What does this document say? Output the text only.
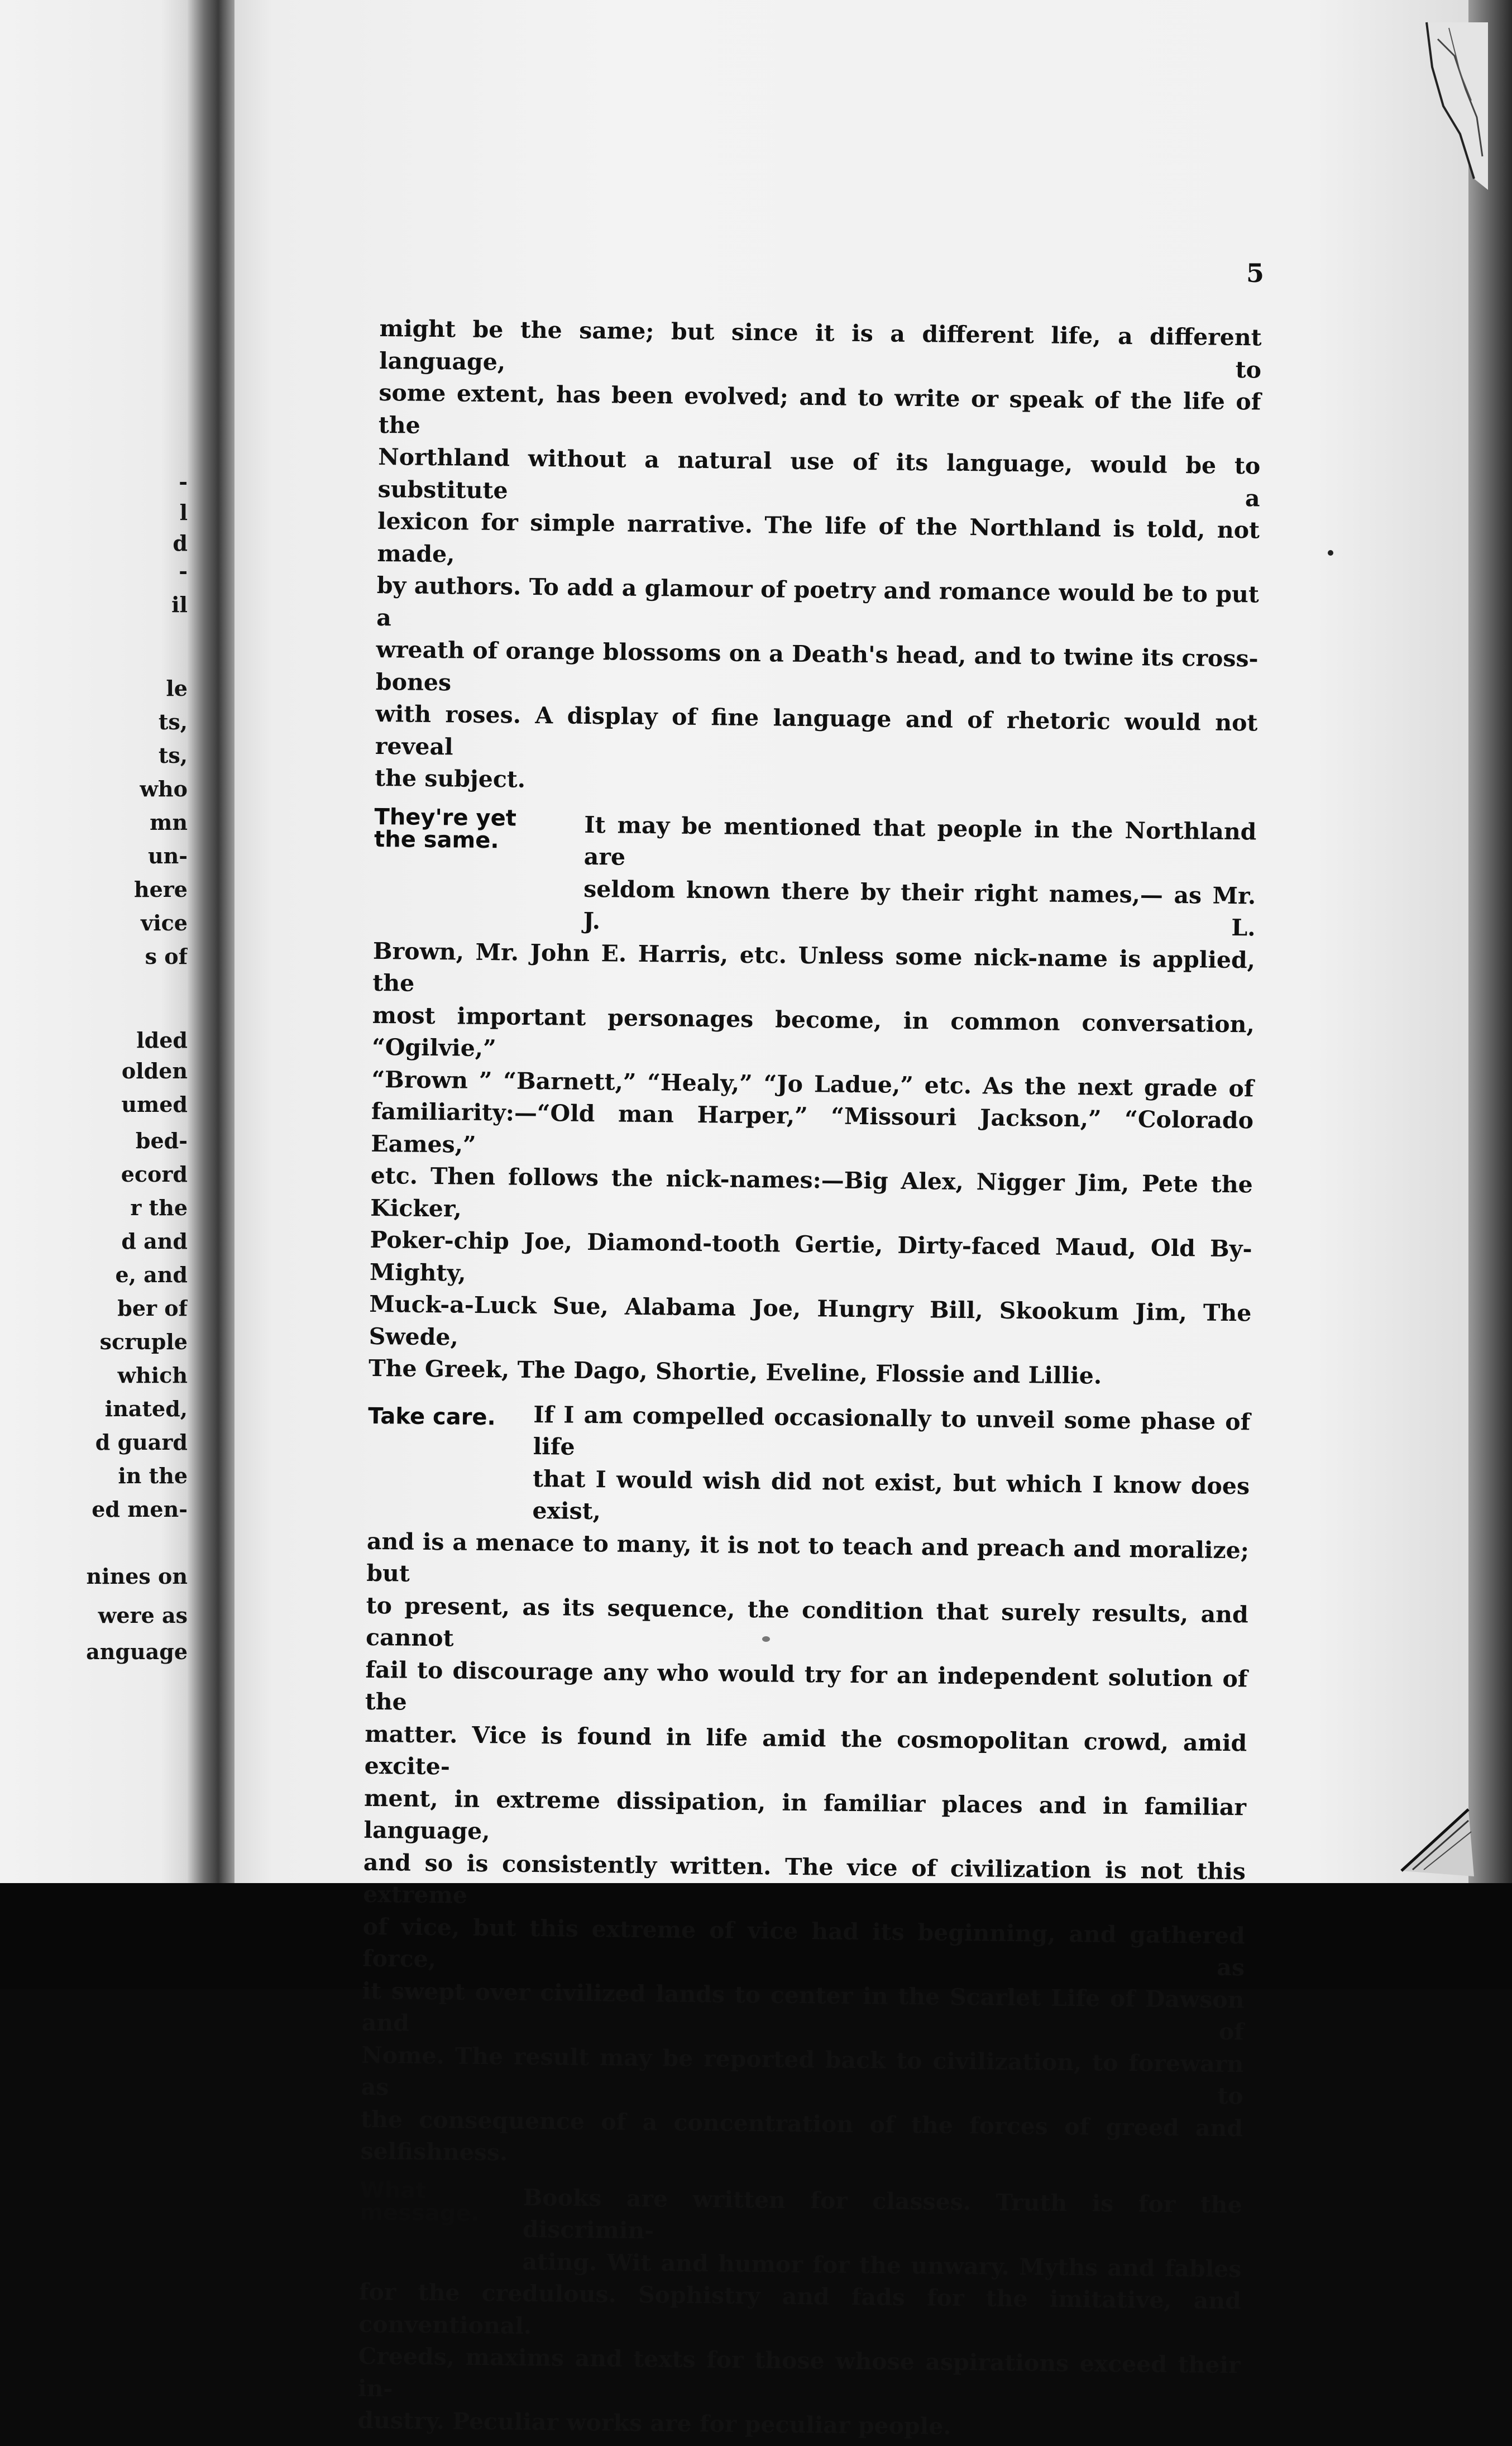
-
l
d
-
il
le
ts,
ts,
who
mn
un-
here
vice
s of
lded
olden
umed
bed-
ecord
r the
d and
e, and
ber of
scruple
which
inated,
d guard
in the
ed men-
nines on
were as
anguage
5
might be the same; but since it is a different life, a different language, to
some extent, has been evolved; and to write or speak of the life of the
Northland without a natural use of its language, would be to substitute a
lexicon for simple narrative. The life of the Northland is told, not made,
by authors. To add a glamour of poetry and romance would be to put a
wreath of orange blossoms on a Death's head, and to twine its cross-bones
with roses. A display of fine language and of rhetoric would not reveal
the subject.
They're yet
the same.	It may be mentioned that people in the Northland are
seldom known there by their right names,— as Mr. J. L.
Brown, Mr. John E. Harris, etc. Unless some nick-name is applied, the
most important personages become, in common conversation, “Ogilvie,”
“Brown ” “Barnett,” “Healy,” “Jo Ladue,” etc. As the next grade of
familiarity:—“Old man Harper,” “Missouri Jackson,” “Colorado Eames,”
etc. Then follows the nick-names:—Big Alex, Nigger Jim, Pete the Kicker,
Poker-chip Joe, Diamond-tooth Gertie, Dirty-faced Maud, Old By-Mighty,
Muck-a-Luck Sue, Alabama Joe, Hungry Bill, Skookum Jim, The Swede,
The Greek, The Dago, Shortie, Eveline, Flossie and Lillie.
Take care. If I am compelled occasionally to unveil some phase of life
that I would wish did not exist, but which I know does exist,
and is a menace to many, it is not to teach and preach and moralize; but
to present, as its sequence, the condition that surely results, and cannot
fail to discourage any who would try for an independent solution of the
matter. Vice is found in life amid the cosmopolitan crowd, amid excite-
ment, in extreme dissipation, in familiar places and in familiar language,
and so is consistently written. The vice of civilization is not this extreme
of vice, but this extreme of vice had its beginning, and gathered force, as
it swept over civilized lands to center in the Scarlet Life of Dawson and of
Nome. The result may be reported back to civilization, to forewarn as to
the consequence of a concentration of the forces of greed and selfishness.
What
message. Books are written for classes. Truth is for the discrimin-
ating. Wit and humor for the unwary. Myths and fables
for the credulous. Sophistry and fads for the imitative, and conventional.
Creeds, maxims and texts for those whose aspirations exceed their in-
dustry. Peculiar works are for peculiar people.
